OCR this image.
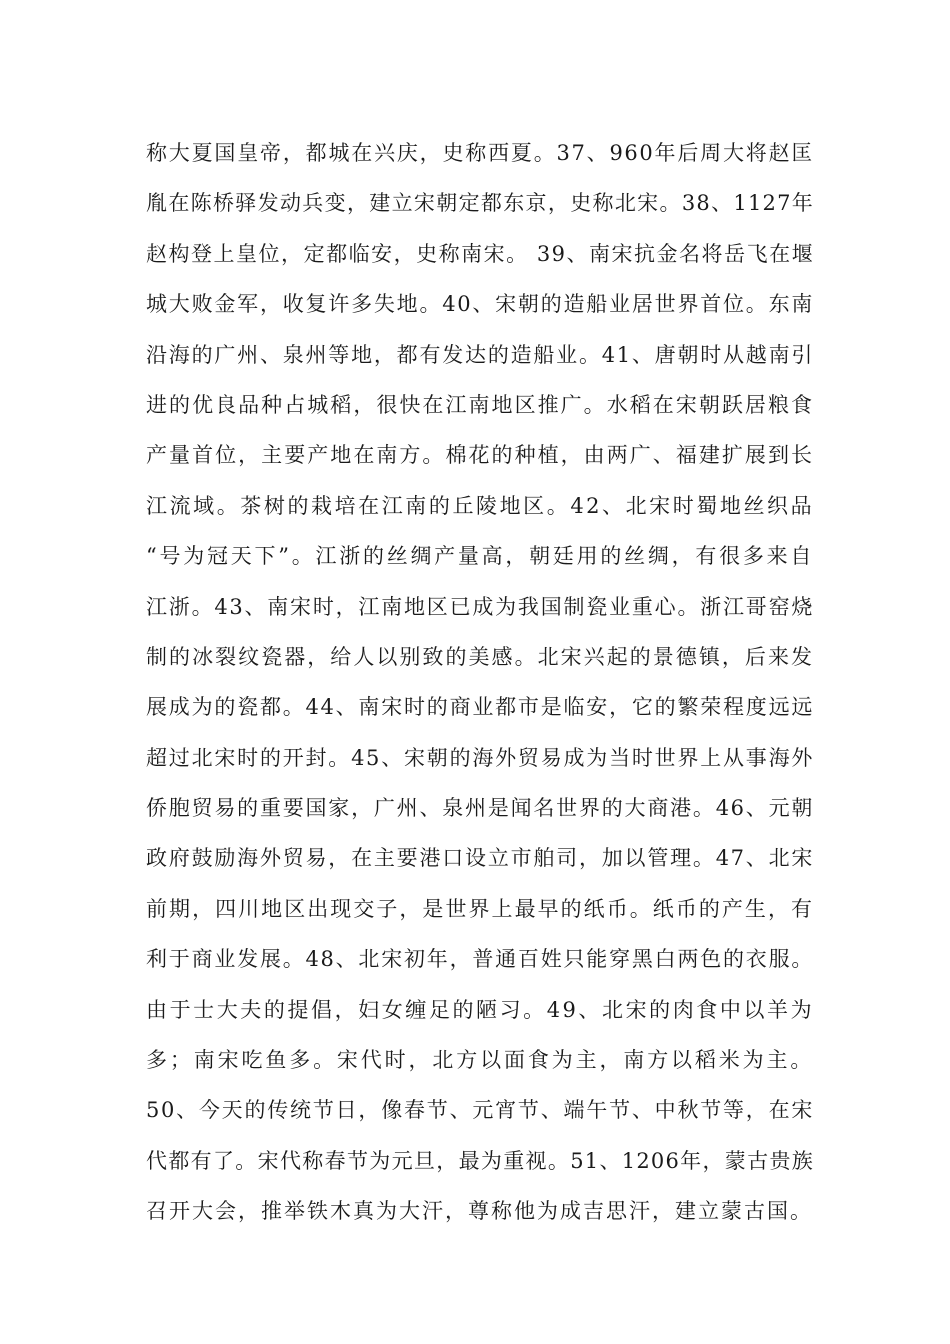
称大夏国皇帝，都城在兴庆，史称西夏。37、960年后周大将赵匡
胤在陈桥驿发动兵变，建立宋朝定都东京，史称北宋。38、1127年
赵构登上皇位，定都临安，史称南宋。 39、南宋抗金名将岳飞在堰
城大败金军，收复许多失地。40、宋朝的造船业居世界首位。东南
沿海的广州、泉州等地，都有发达的造船业。41、唐朝时从越南引
进的优良品种占城稻，很快在江南地区推广。水稻在宋朝跃居粮食
产量首位，主要产地在南方。棉花的种植，由两广、福建扩展到长
江流域。茶树的栽培在江南的丘陵地区。42、北宋时蜀地丝织品
“号为冠天下”。江浙的丝绸产量高，朝廷用的丝绸，有很多来自
江浙。43、南宋时，江南地区已成为我国制瓷业重心。浙江哥窑烧
制的冰裂纹瓷器，给人以别致的美感。北宋兴起的景德镇，后来发
展成为的瓷都。44、南宋时的商业都市是临安，它的繁荣程度远远
超过北宋时的开封。45、宋朝的海外贸易成为当时世界上从事海外
侨胞贸易的重要国家，广州、泉州是闻名世界的大商港。46、元朝
政府鼓励海外贸易，在主要港口设立市舶司，加以管理。47、北宋
前期，四川地区出现交子，是世界上最早的纸币。纸币的产生，有
利于商业发展。48、北宋初年，普通百姓只能穿黑白两色的衣服。
由于士大夫的提倡，妇女缠足的陋习。49、北宋的肉食中以羊为
多；南宋吃鱼多。宋代时，北方以面食为主，南方以稻米为主。
50、今天的传统节日，像春节、元宵节、端午节、中秋节等，在宋
代都有了。宋代称春节为元旦，最为重视。51、1206年，蒙古贵族
召开大会，推举铁木真为大汗，尊称他为成吉思汗，建立蒙古国。
